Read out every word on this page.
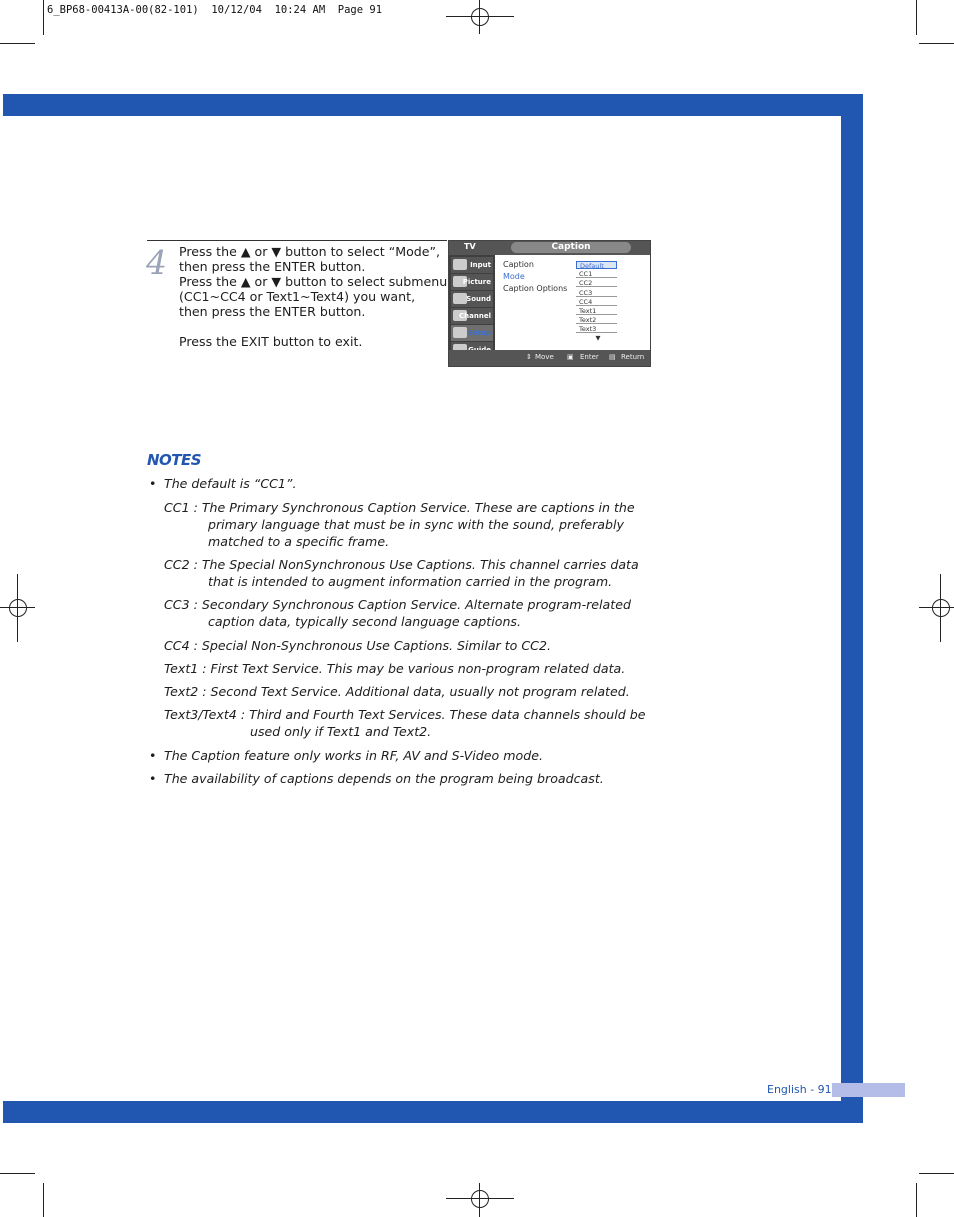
6_BP68-00413A-00(82-101)  10/12/04  10:24 AM  Page 91
4 Press the ▲ or ▼ button to select “Mode”,

then press the ENTER button.

Press the ▲ or ▼ button to select submenu

(CC1~CC4 or Text1~Text4) you want,

then press the ENTER button.

Press the EXIT button to exit.

TV	Caption
Input
Picture
Sound
Channel
Setup
Caption
Mode
Caption Options
Default
CC1
CC2
CC3
CC4
Text1
Text2
Text3
▼
⇕ Move ▣ Enter ▤ Return
NOTES
• The default is “CC1”.
CC1 : The Primary Synchronous Caption Service. These are captions in the
primary language that must be in sync with the sound, preferably
matched to a specific frame.
CC2 : The Special NonSynchronous Use Captions. This channel carries data
that is intended to augment information carried in the program.
CC3 : Secondary Synchronous Caption Service. Alternate program-related
caption data, typically second language captions.
CC4 : Special Non-Synchronous Use Captions. Similar to CC2.
Text1 : First Text Service. This may be various non-program related data.
Text2 : Second Text Service. Additional data, usually not program related.
Text3/Text4 : Third and Fourth Text Services. These data channels should be
used only if Text1 and Text2.
• The Caption feature only works in RF, AV and S-Video mode.
• The availability of captions depends on the program being broadcast.
English - 91
